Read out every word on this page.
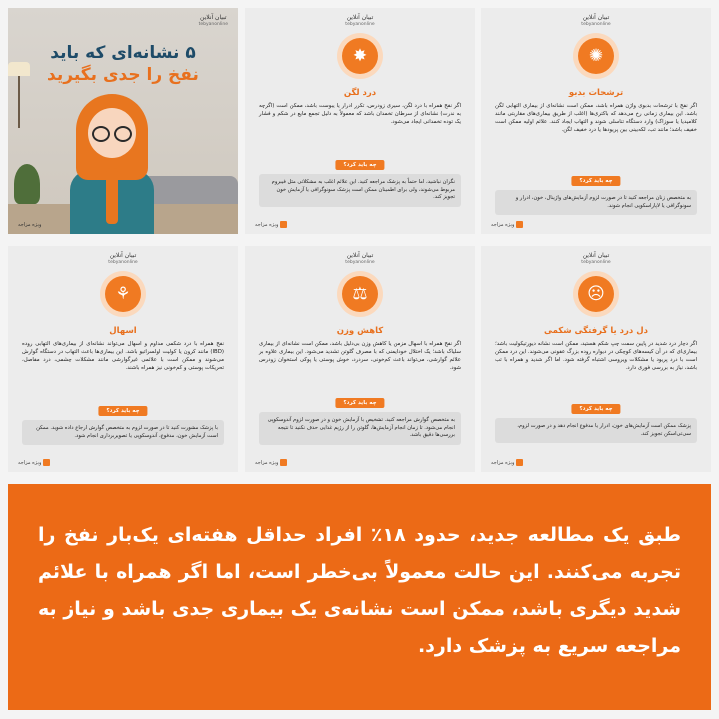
تبیان آنلاین
tebyanonline
۵ نشانه‌ای که باید
نفخ را جدی بگیرید
ویژه مزاجه
تبیان آنلاین
tebyanonline
✸
درد لگن
اگر نفخ همراه با درد لگن، سیری زودرس، تکرر ادرار یا یبوست باشد، ممکن است (اگرچه به ندرت) نشانه‌ای از سرطان تخمدان باشد که معمولاً به دلیل تجمع مایع در شکم و فشار یک توده تخمدانی ایجاد می‌شود.
چه باید کرد؟
نگران نباشید، اما حتماً به پزشک مراجعه کنید. این علائم اغلب به مشکلاتی مثل فیبروم مربوط می‌شوند، ولی برای اطمینان ممکن است پزشک سونوگرافی یا آزمایش خون تجویز کند.
ویژه مزاجه
تبیان آنلاین
tebyanonline
✺
ترشحات بدبو
اگر نفخ با ترشحات بدبوی واژن همراه باشد، ممکن است نشانه‌ای از بیماری التهابی لگن باشد. این بیماری زمانی رخ می‌دهد که باکتری‌ها (اغلب از طریق بیماری‌های مقاربتی مانند کلامیدیا یا سوزاک) وارد دستگاه تناسلی شوند و التهاب ایجاد کنند. علائم اولیه ممکن است خفیف باشد؛ مانند تب، لکه‌بینی بین پریودها یا درد خفیف لگن.
چه باید کرد؟
به متخصص زنان مراجعه کنید تا در صورت لزوم آزمایش‌های واژینال، خون، ادرار و سونوگرافی یا لاپاراسکوپی انجام شوند.
ویژه مزاجه
تبیان آنلاین
tebyanonline
⚘
اسهال
نفخ همراه با درد شکمی مداوم و اسهال می‌تواند نشانه‌ای از بیماری‌های التهابی روده (IBD) مانند کرون یا کولیت اولسراتیو باشد. این بیماری‌ها باعث التهاب در دستگاه گوارش می‌شوند و ممکن است با علائمی غیرگوارشی مانند مشکلات چشمی، درد مفاصل، تحریکات پوستی و کم‌خونی نیز همراه باشند.
چه باید کرد؟
با پزشک مشورت کنید تا در صورت لزوم به متخصص گوارش ارجاع داده شوید. ممکن است آزمایش خون، مدفوع، آندوسکوپی یا تصویربرداری انجام شود.
ویژه مزاجه
تبیان آنلاین
tebyanonline
⚖
کاهش وزن
اگر نفخ همراه با اسهال مزمن یا کاهش وزن بی‌دلیل باشد، ممکن است نشانه‌ای از بیماری سلیاک باشد؛ یک اختلال خودایمنی که با مصرف گلوتن تشدید می‌شود. این بیماری علاوه بر علائم گوارشی، می‌تواند باعث کم‌خونی، سردرد، خوش پوستی یا پوکی استخوان زودرس شود.
چه باید کرد؟
به متخصص گوارش مراجعه کنید. تشخیص با آزمایش خون و در صورت لزوم آندوسکوپی انجام می‌شود. تا زمان انجام آزمایش‌ها، گلوتن را از رژیم غذایی حذف نکنید تا نتیجه بررسی‌ها دقیق باشد.
ویژه مزاجه
تبیان آنلاین
tebyanonline
☹
دل درد یا گرفتگی شکمی
اگر دچار درد شدید در پایین سمت چپ شکم هستید، ممکن است نشانه دیورتیکولیت باشد؛ بیماری‌ای که در آن کیسه‌های کوچکی در دیواره روده بزرگ عفونی می‌شوند. این درد ممکن است با درد پریود یا مشکلات ویروسی اشتباه گرفته شود. اما اگر شدید و همراه با تب باشد، نیاز به بررسی فوری دارد.
چه باید کرد؟
پزشک ممکن است آزمایش‌های خون، ادرار یا مدفوع انجام دهد و در صورت لزوم، سی‌تی‌اسکن تجویز کند.
ویژه مزاجه
طبق یک مطالعه جدید، حدود ۱۸٪ افراد حداقل هفته‌ای یک‌بار نفخ را تجربه می‌کنند. این حالت معمولاً بی‌خطر است، اما اگر همراه با علائم شدید دیگری باشد، ممکن است نشانه‌ی یک بیماری جدی باشد و نیاز به مراجعه سریع به پزشک دارد.
